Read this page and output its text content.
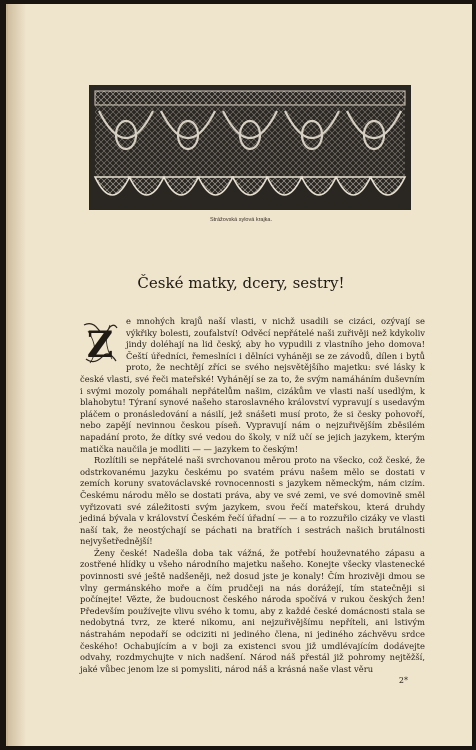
Strážovská sylová krajka.
České matky, dcery, sestry!

Z
e mnohých krajů naší vlasti, v nichž usadili se cizáci, ozývají se výkřiky bolesti, zoufalství! Odvěcí nepřátelé naši zuřivěji než kdykoliv jindy doléhají na lid český, aby ho vypudili z vlastního jeho domova! Čeští úředníci, řemeslníci i dělníci vyháněji se ze závodů, dílen i bytů proto, že nechtějí zříci se svého nejsvětějšího majetku: své lásky k české vlasti, své řeči mateřské! Vyhánějí se za to, že svým namáháním duševním i svými mozoly pomáhali nepřátelům našim, cizákům ve vlasti naší usedlým, k blahobytu! Týraní synové našeho staroslavného království vypravují s usedavým pláčem o pronásledování a násilí, jež snášeti musí proto, že si česky pohovoří, nebo zapějí nevinnou českou píseň. Vypravují nám o nejzuřivějším zběsilém napadání proto, že dítky své vedou do školy, v níž učí se jejich jazykem, kterým matička naučila je modliti — — jazykem to českým!

Rozlítili se nepřátelé naši svrchovanou měrou proto na všecko, což české, že odstrkovanému jazyku českému po svatém právu našem mělo se dostati v zemích koruny svatováclavské rovnocennosti s jazykem německým, nám cizím. Českému národu mělo se dostati práva, aby ve své zemi, ve své domovině směl vyřizovati své záležitosti svým jazykem, svou řečí mateřskou, která druhdy jediná bývala v království Českém řečí úřadní — — a to rozzuřilo cizáky ve vlasti naší tak, že neostýchají se páchati na bratřích i sestrách našich brutálnosti nejvyšetřednější!

Ženy české! Nadešla doba tak vážná, že potřebí houževnatého zápasu a zostřené hlídky u všeho národního majetku našeho. Konejte všecky vlastenecké povinnosti své ještě nadšeněji, než dosud jste je konaly! Čím hrozivěji dmou se vlny germánského moře a čím prudčeji na nás dorážejí, tím statečněji si počínejte! Vězte, že budoucnost českého národa spočívá v rukou českých žen! Především používejte vlivu svého k tomu, aby z každé české domácnosti stala se nedobytná tvrz, ze které nikomu, ani nejzuřivějšímu nepříteli, ani lstivým nástrahám nepodaří se odciziti ni jediného člena, ni jediného záchvěvu srdce českého! Ochabujícím a v boji za existenci svou již umdlévajícím dodávejte odvahy, rozdmychujte v nich nadšení. Národ náš přestál již pohromy nejtěžší, jaké vůbec jenom lze si pomysliti, národ náš a krásná naše vlast věru

2*
